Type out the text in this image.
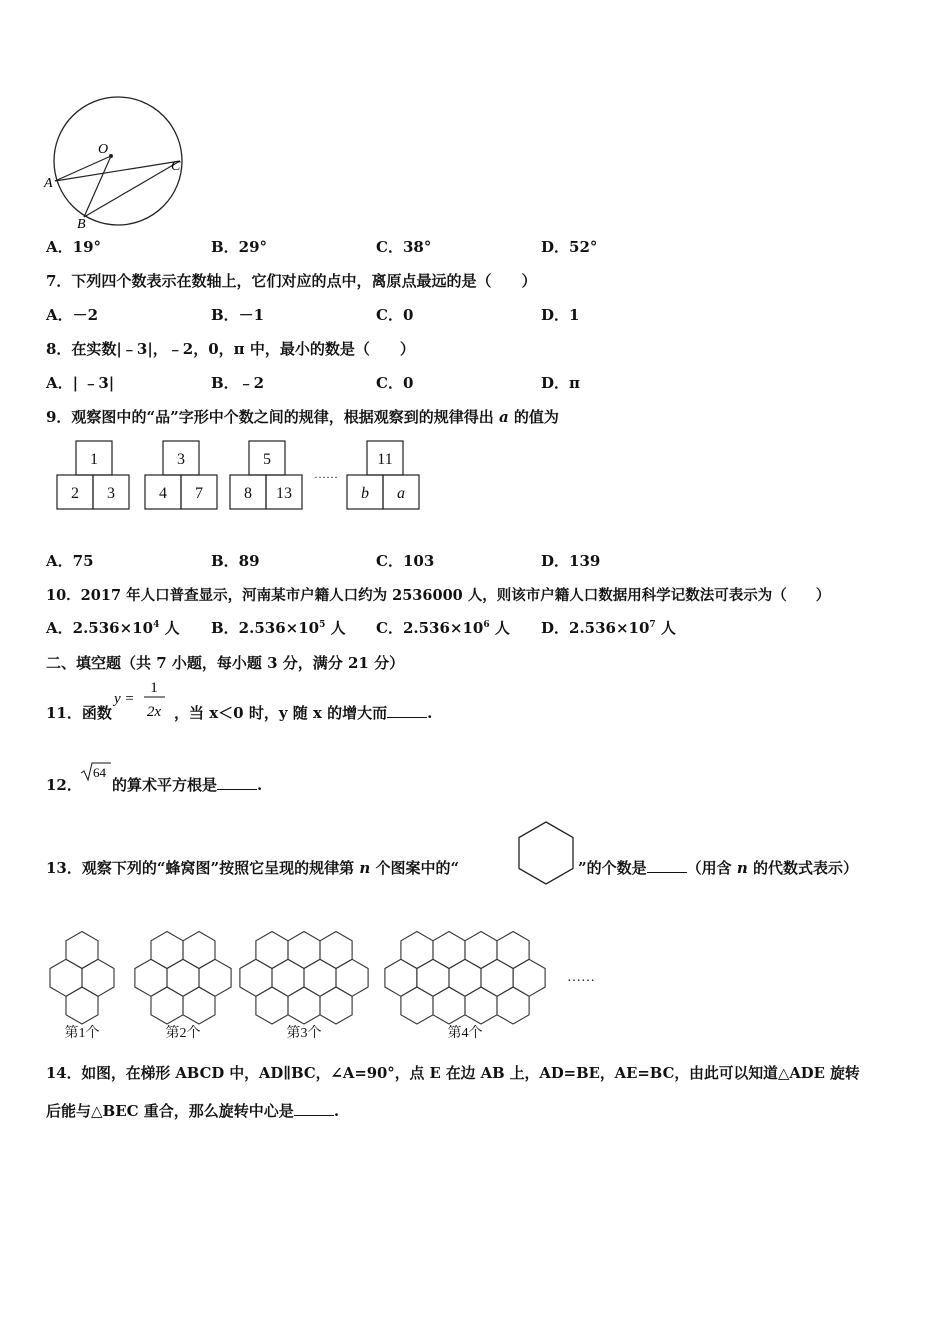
O
A
B
C
A．19°	B．29°	C．38°	D．52°
7．下列四个数表示在数轴上，它们对应的点中，离原点最远的是（　　）
A．－2	B．－1	C．0	D．1
8．在实数|﹣3|，﹣2，0，π 中，最小的数是（　　）
A．| ﹣3|	B．﹣2	C．0	D．π
9．观察图中的“品”字形中个数之间的规律，根据观察到的规律得出 a 的值为
1
2 3
3
4 7
5
8 13
……
11
b a
A．75	B．89	C．103	D．139
10．2017 年人口普查显示，河南某市户籍人口约为 2536000 人，则该市户籍人口数据用科学记数法可表示为（　　）
A．$2.536\times 10^4$ 人 B．$2.536\times 10^5$ 人 C．$2.536\times 10^6$ 人 D．$2.536\times 10^7$ 人
二、填空题（共 7 小题，每小题 3 分，满分 21 分）
11．函数
y =
1
2x ，当 x＜0 时，y 随 x 的增大而	.
12．
64
的算术平方根是	.
13．观察下列的“蜂窝图”按照它呈现的规律第 n 个图案中的“	”的个数是	（用含 n 的代数式表示）
第1个	第2个	第3个	第4个
……
14．如图，在梯形 ABCD 中，AD∥BC，∠A=90°，点 E 在边 AB 上，AD=BE，AE=BC，由此可以知道△ADE 旋转
后能与△BEC 重合，那么旋转中心是	.
